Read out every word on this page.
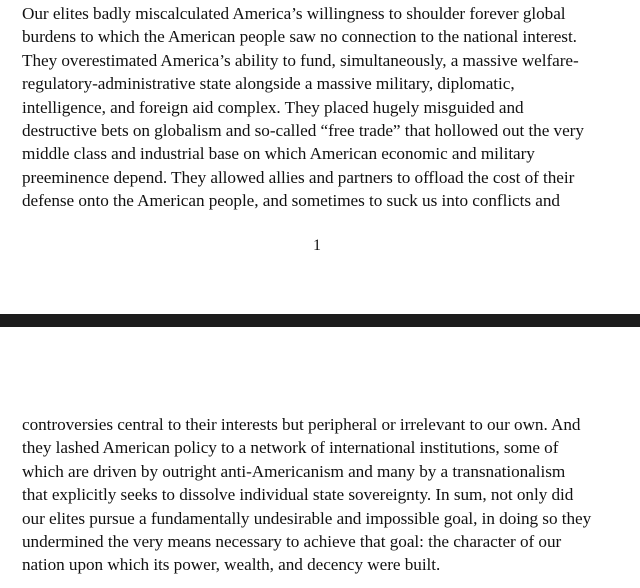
Our elites badly miscalculated America’s willingness to shoulder forever global
burdens to which the American people saw no connection to the national interest.
They overestimated America’s ability to fund, simultaneously, a massive welfare-
regulatory-administrative state alongside a massive military, diplomatic,
intelligence, and foreign aid complex. They placed hugely misguided and
destructive bets on globalism and so-called “free trade” that hollowed out the very
middle class and industrial base on which American economic and military
preeminence depend. They allowed allies and partners to offload the cost of their
defense onto the American people, and sometimes to suck us into conflicts and

1

controversies central to their interests but peripheral or irrelevant to our own. And
they lashed American policy to a network of international institutions, some of
which are driven by outright anti-Americanism and many by a transnationalism
that explicitly seeks to dissolve individual state sovereignty. In sum, not only did
our elites pursue a fundamentally undesirable and impossible goal, in doing so they
undermined the very means necessary to achieve that goal: the character of our
nation upon which its power, wealth, and decency were built.
